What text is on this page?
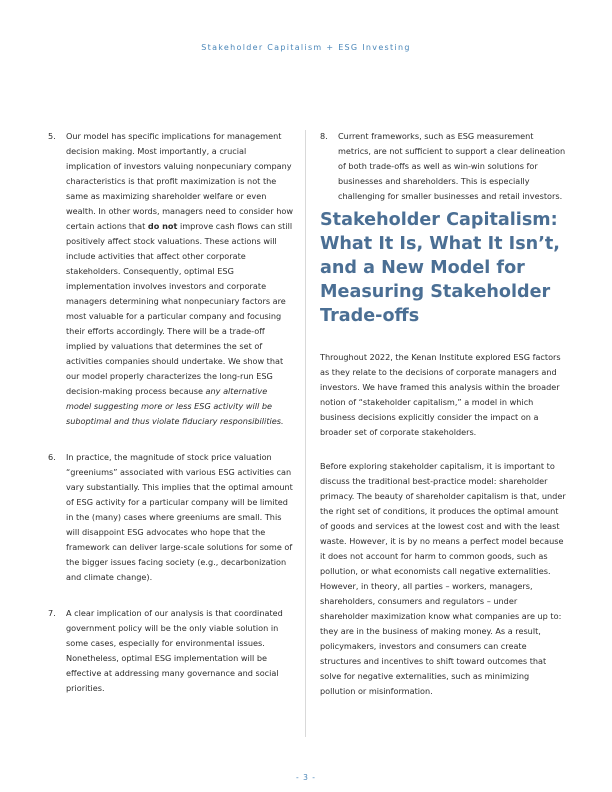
Stakeholder Capitalism + ESG Investing
5.	Our model has specific implications for management decision making. Most importantly, a crucial implication of investors valuing nonpecuniary company characteristics is that profit maximization is not the same as maximizing shareholder welfare or even wealth. In other words, managers need to consider how certain actions that do not improve cash flows can still positively affect stock valuations. These actions will include activities that affect other corporate stakeholders. Consequently, optimal ESG implementation involves investors and corporate managers determining what nonpecuniary factors are most valuable for a particular company and focusing their efforts accordingly. There will be a trade-off implied by valuations that determines the set of activities companies should undertake. We show that our model properly characterizes the long-run ESG decision-making process because any alternative model suggesting more or less ESG activity will be suboptimal and thus violate fiduciary responsibilities.

6.	In practice, the magnitude of stock price valuation “greeniums” associated with various ESG activities can vary substantially. This implies that the optimal amount of ESG activity for a particular company will be limited in the (many) cases where greeniums are small. This will disappoint ESG advocates who hope that the framework can deliver large-scale solutions for some of the bigger issues facing society (e.g., decarbonization and climate change).

7.	A clear implication of our analysis is that coordinated government policy will be the only viable solution in some cases, especially for environmental issues. Nonetheless, optimal ESG implementation will be effective at addressing many governance and social priorities.

8.	Current frameworks, such as ESG measurement metrics, are not sufficient to support a clear delineation of both trade-offs as well as win-win solutions for businesses and shareholders. This is especially challenging for smaller businesses and retail investors.

Stakeholder Capitalism: What It Is, What It Isn’t, and a New Model for Measuring Stakeholder Trade-offs

Throughout 2022, the Kenan Institute explored ESG factors as they relate to the decisions of corporate managers and investors. We have framed this analysis within the broader notion of “stakeholder capitalism,” a model in which business decisions explicitly consider the impact on a broader set of corporate stakeholders.

Before exploring stakeholder capitalism, it is important to discuss the traditional best-practice model: shareholder primacy. The beauty of shareholder capitalism is that, under the right set of conditions, it produces the optimal amount of goods and services at the lowest cost and with the least waste. However, it is by no means a perfect model because it does not account for harm to common goods, such as pollution, or what economists call negative externalities. However, in theory, all parties – workers, managers, shareholders, consumers and regulators – under shareholder maximization know what companies are up to: they are in the business of making money. As a result, policymakers, investors and consumers can create structures and incentives to shift toward outcomes that solve for negative externalities, such as minimizing pollution or misinformation.

- 3 -
